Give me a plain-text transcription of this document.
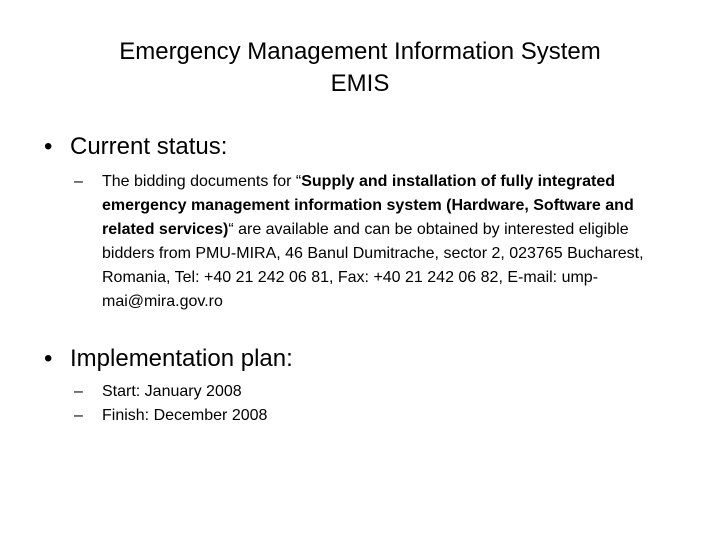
Emergency Management Information System
EMIS
• Current status:
– The bidding documents for “Supply and installation of fully integrated emergency management information system (Hardware, Software and related services)“ are available and can be obtained by interested eligible bidders from PMU-MIRA, 46 Banul Dumitrache, sector 2, 023765 Bucharest, Romania, Tel: +40 21 242 06 81, Fax: +40 21 242 06 82, E-mail: ump-mai@mira.gov.ro
• Implementation plan:
– Start: January 2008
– Finish: December 2008
